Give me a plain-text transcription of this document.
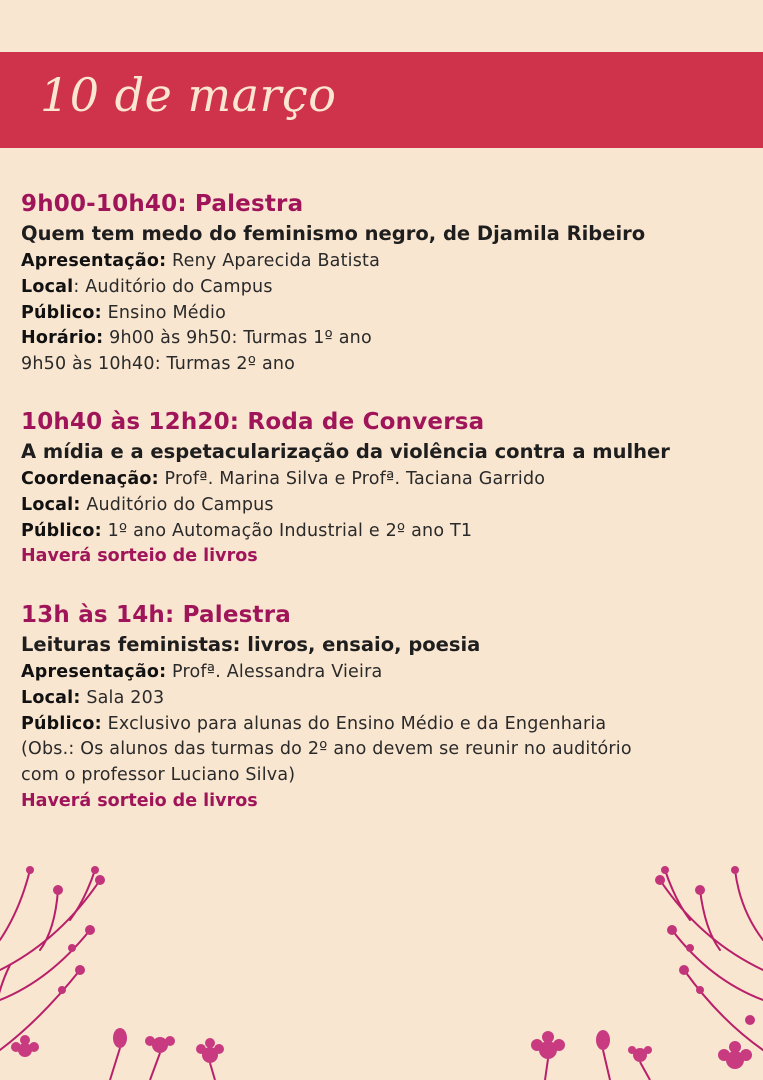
10 de março
9h00-10h40: Palestra
Quem tem medo do feminismo negro, de Djamila Ribeiro
Apresentação: Reny Aparecida Batista
Local: Auditório do Campus
Público: Ensino Médio
Horário: 9h00 às 9h50: Turmas 1º ano
9h50 às 10h40: Turmas 2º ano
10h40 às 12h20: Roda de Conversa
A mídia e a espetacularização da violência contra a mulher
Coordenação: Profª. Marina Silva e Profª. Taciana Garrido
Local: Auditório do Campus
Público: 1º ano Automação Industrial e 2º ano T1
Haverá sorteio de livros
13h às 14h: Palestra
Leituras feministas: livros, ensaio, poesia
Apresentação: Profª. Alessandra Vieira
Local: Sala 203
Público: Exclusivo para alunas do Ensino Médio e da Engenharia
(Obs.: Os alunos das turmas do 2º ano devem se reunir no auditório
com o professor Luciano Silva)
Haverá sorteio de livros
